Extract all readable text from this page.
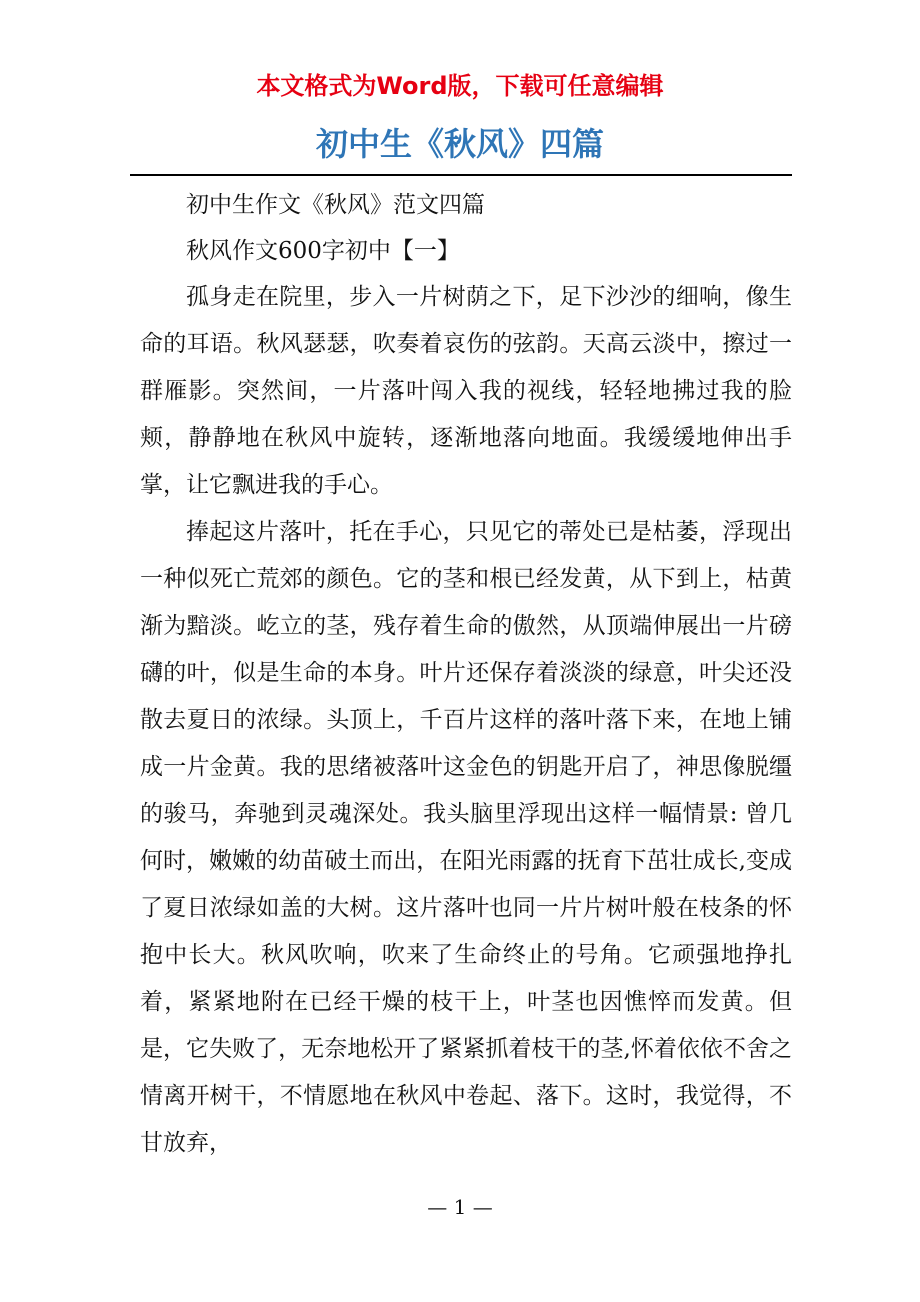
本文格式为Word版，下载可任意编辑
初中生《秋风》四篇

初中生作文《秋风》范文四篇

秋风作文600字初中【一】

孤身走在院里，步入一片树荫之下，足下沙沙的细响，像生命的耳语。秋风瑟瑟，吹奏着哀伤的弦韵。天高云淡中，擦过一群雁影。突然间，一片落叶闯入我的视线，轻轻地拂过我的脸颊，静静地在秋风中旋转，逐渐地落向地面。我缓缓地伸出手掌，让它飘进我的手心。

捧起这片落叶，托在手心，只见它的蒂处已是枯萎，浮现出一种似死亡荒郊的颜色。它的茎和根已经发黄，从下到上，枯黄渐为黯淡。屹立的茎，残存着生命的傲然，从顶端伸展出一片磅礴的叶，似是生命的本身。叶片还保存着淡淡的绿意，叶尖还没散去夏日的浓绿。头顶上，千百片这样的落叶落下来，在地上铺成一片金黄。我的思绪被落叶这金色的钥匙开启了，神思像脱缰的骏马，奔驰到灵魂深处。我头脑里浮现出这样一幅情景: 曾几何时，嫩嫩的幼苗破土而出，在阳光雨露的抚育下茁壮成长,变成了夏日浓绿如盖的大树。这片落叶也同一片片树叶般在枝条的怀抱中长大。秋风吹响，吹来了生命终止的号角。它顽强地挣扎着，紧紧地附在已经干燥的枝干上，叶茎也因憔悴而发黄。但是，它失败了，无奈地松开了紧紧抓着枝干的茎,怀着依依不舍之情离开树干，不情愿地在秋风中卷起、落下。这时，我觉得，不甘放弃，

— 1 —
